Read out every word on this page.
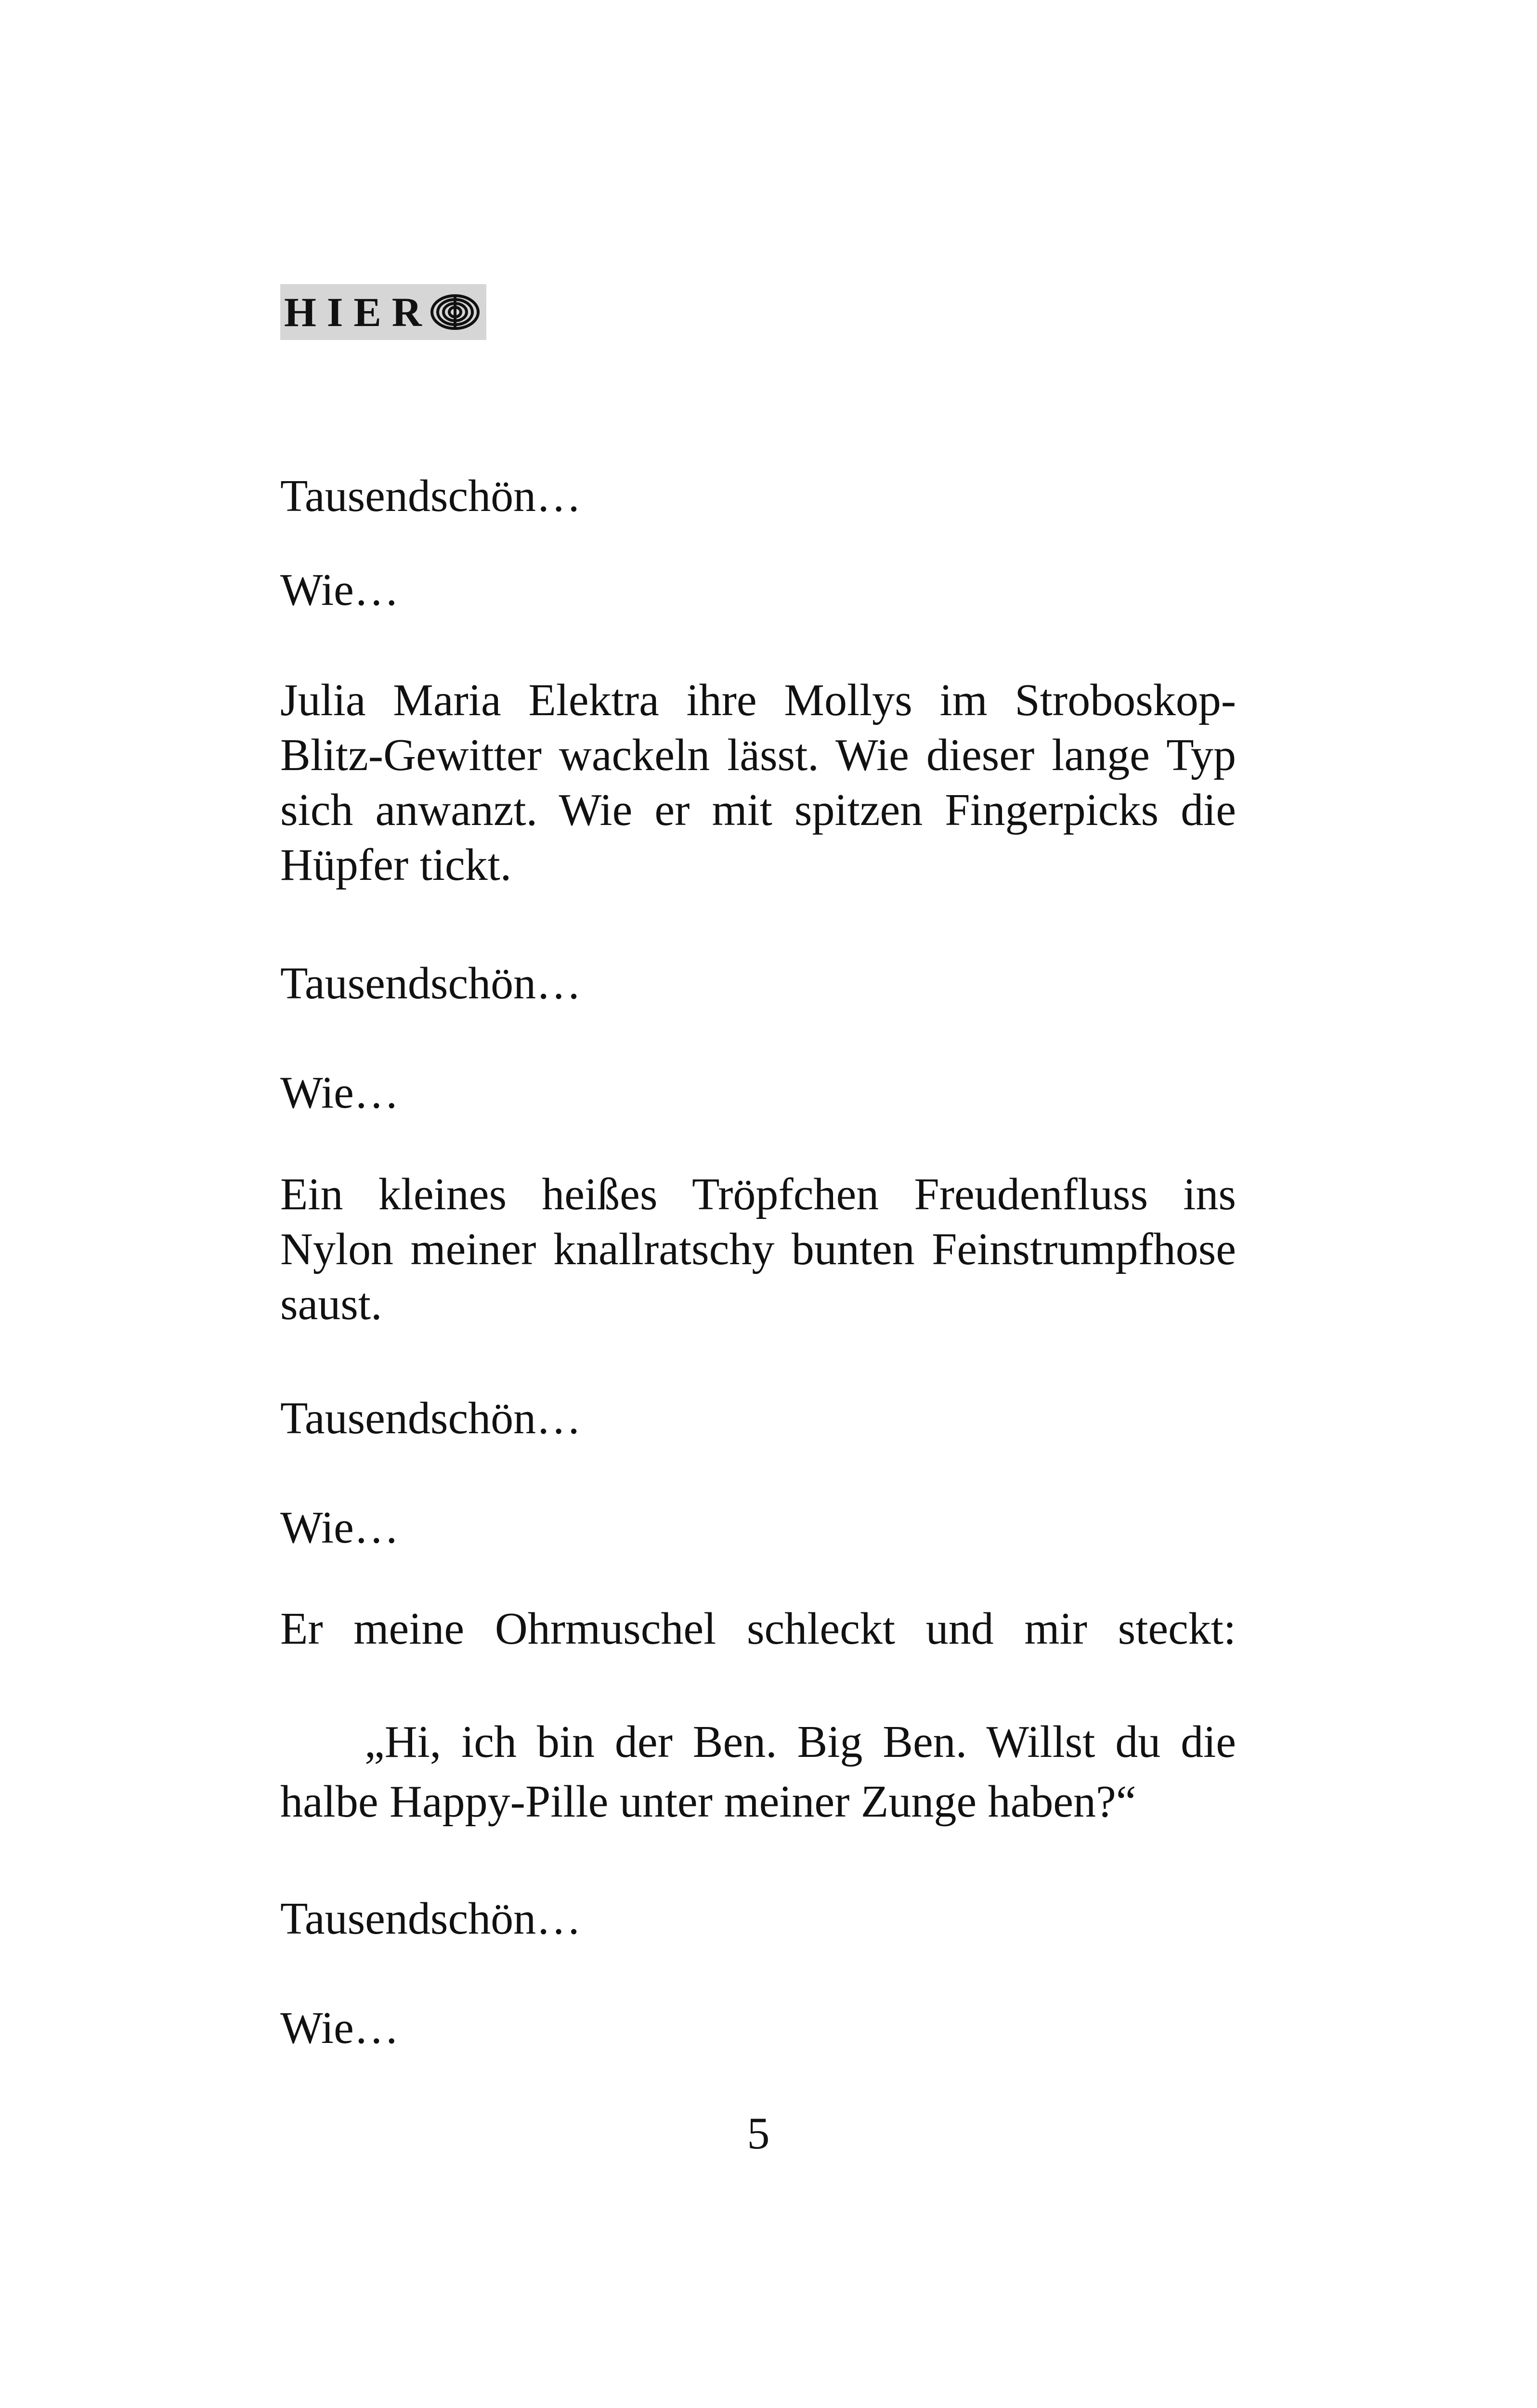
HIER
Tausendschön…
Wie…
Julia Maria Elektra ihre Mollys im Stroboskop-Blitz-Gewitter wackeln lässt. Wie dieser lange Typ sich anwanzt. Wie er mit spitzen Fingerpicks die Hüpfer tickt.
Tausendschön…
Wie…
Ein kleines heißes Tröpfchen Freudenfluss ins Nylon meiner knallratschy bunten Feinstrumpfhose saust.
Tausendschön…
Wie…
Er meine Ohrmuschel schleckt und mir steckt:
„Hi, ich bin der Ben. Big Ben. Willst du die halbe Happy-Pille unter meiner Zunge haben?“
Tausendschön…
Wie…
5
